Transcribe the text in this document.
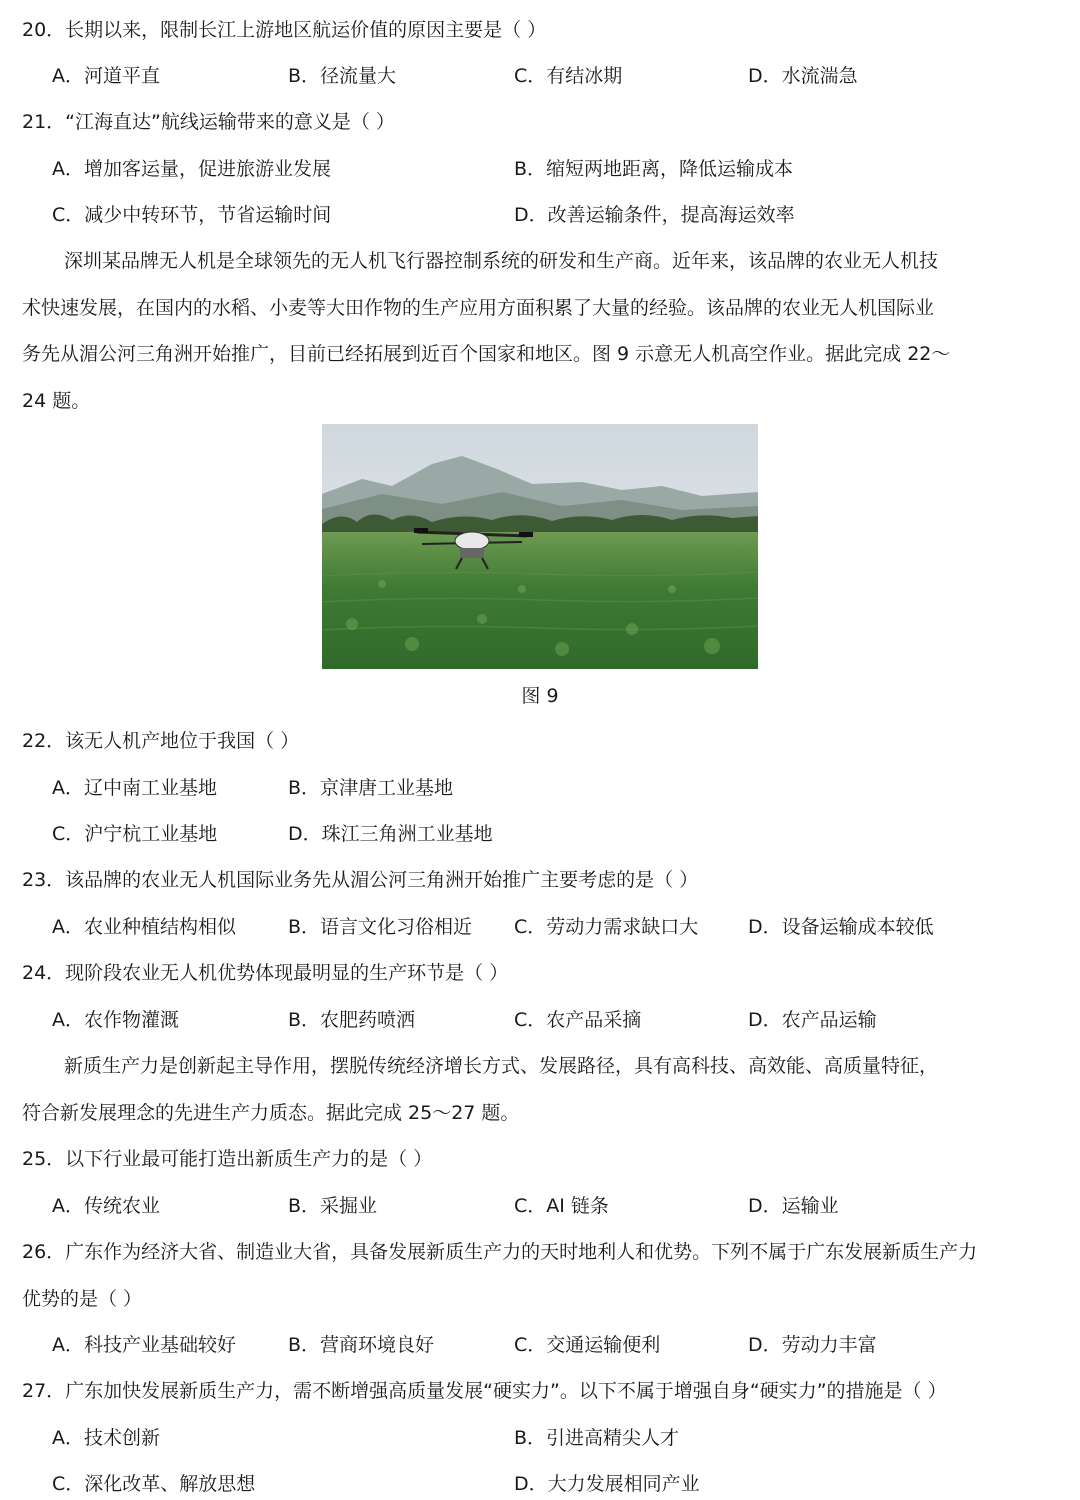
20．长期以来，限制长江上游地区航运价值的原因主要是（ ）
A．河道平直	B．径流量大	C．有结冰期	D．水流湍急
21．“江海直达”航线运输带来的意义是（ ）
A．增加客运量，促进旅游业发展	B．缩短两地距离，降低运输成本
C．减少中转环节，节省运输时间	D．改善运输条件，提高海运效率
深圳某品牌无人机是全球领先的无人机飞行器控制系统的研发和生产商。近年来，该品牌的农业无人机技
术快速发展，在国内的水稻、小麦等大田作物的生产应用方面积累了大量的经验。该品牌的农业无人机国际业
务先从湄公河三角洲开始推广，目前已经拓展到近百个国家和地区。图 9 示意无人机高空作业。据此完成 22～
24 题。
图 9
22．该无人机产地位于我国（ ）
A．辽中南工业基地	B．京津唐工业基地
C．沪宁杭工业基地	D．珠江三角洲工业基地
23．该品牌的农业无人机国际业务先从湄公河三角洲开始推广主要考虑的是（ ）
A．农业种植结构相似	B．语言文化习俗相近 C．劳动力需求缺口大	D．设备运输成本较低
24．现阶段农业无人机优势体现最明显的生产环节是（ ）
A．农作物灌溉	B．农肥药喷洒	C．农产品采摘	D．农产品运输
新质生产力是创新起主导作用，摆脱传统经济增长方式、发展路径，具有高科技、高效能、高质量特征，
符合新发展理念的先进生产力质态。据此完成 25～27 题。
25．以下行业最可能打造出新质生产力的是（ ）
A．传统农业	B．采掘业	C．AI 链条	D．运输业
26．广东作为经济大省、制造业大省，具备发展新质生产力的天时地利人和优势。下列不属于广东发展新质生产力
优势的是（ ）
A．科技产业基础较好	B．营商环境良好	C．交通运输便利	D．劳动力丰富
27．广东加快发展新质生产力，需不断增强高质量发展“硬实力”。以下不属于增强自身“硬实力”的措施是（ ）
A．技术创新	B．引进高精尖人才
C．深化改革、解放思想	D．大力发展相同产业
